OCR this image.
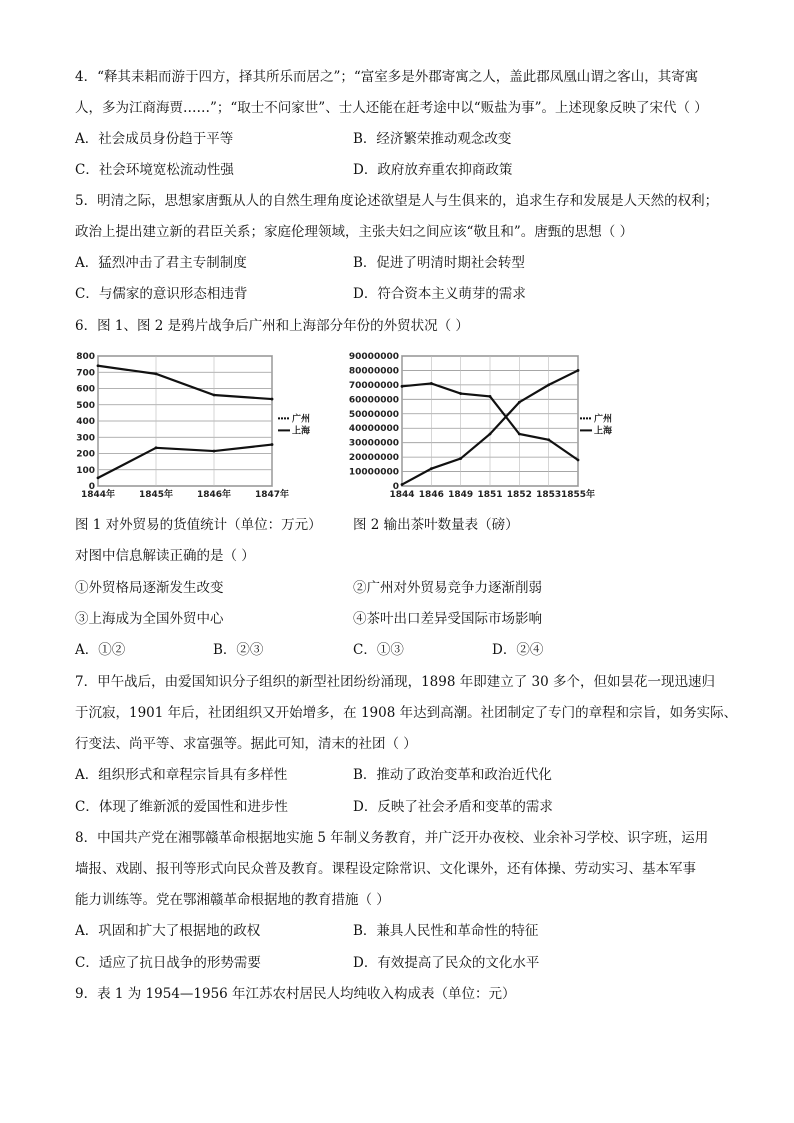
4．“释其耒耜而游于四方，择其所乐而居之”；“富室多是外郡寄寓之人，盖此郡凤凰山谓之客山，其寄寓
人，多为江商海贾……”；“取士不问家世”、士人还能在赶考途中以“贩盐为事”。上述现象反映了宋代（ ）
A．社会成员身份趋于平等	B．经济繁荣推动观念改变
C．社会环境宽松流动性强	D．政府放弃重农抑商政策
5．明清之际，思想家唐甄从人的自然生理角度论述欲望是人与生俱来的，追求生存和发展是人天然的权利；
政治上提出建立新的君臣关系；家庭伦理领域，主张夫妇之间应该“敬且和”。唐甄的思想（ ）
A．猛烈冲击了君主专制制度	B．促进了明清时期社会转型
C．与儒家的意识形态相违背	D．符合资本主义萌芽的需求
6．图 1、图 2 是鸦片战争后广州和上海部分年份的外贸状况（ ）
0
100
200
300
400
500
600
700
800
1844年	1845年	1846年	1847年
广州
上海
0
10000000
20000000
30000000
40000000
50000000
60000000
70000000
80000000
90000000
1844 1846 1849 1851 1852 1853 1855年
广州
上海
图 1 对外贸易的货值统计（单位：万元） 图 2 输出茶叶数量表（磅）
对图中信息解读正确的是（ ）
①外贸格局逐渐发生改变	②广州对外贸易竞争力逐渐削弱
③上海成为全国外贸中心	④茶叶出口差异受国际市场影响
A．①②	B．②③	C．①③	D．②④
7．甲午战后，由爱国知识分子组织的新型社团纷纷涌现，1898 年即建立了 30 多个，但如昙花一现迅速归
于沉寂，1901 年后，社团组织又开始增多，在 1908 年达到高潮。社团制定了专门的章程和宗旨，如务实际、
行变法、尚平等、求富强等。据此可知，清末的社团（ ）
A．组织形式和章程宗旨具有多样性	B．推动了政治变革和政治近代化
C．体现了维新派的爱国性和进步性	D．反映了社会矛盾和变革的需求
8．中国共产党在湘鄂赣革命根据地实施 5 年制义务教育，并广泛开办夜校、业余补习学校、识字班，运用
墙报、戏剧、报刊等形式向民众普及教育。课程设定除常识、文化课外，还有体操、劳动实习、基本军事
能力训练等。党在鄂湘赣革命根据地的教育措施（ ）
A．巩固和扩大了根据地的政权	B．兼具人民性和革命性的特征
C．适应了抗日战争的形势需要	D．有效提高了民众的文化水平
9．表 1 为 1954—1956 年江苏农村居民人均纯收入构成表（单位：元）
